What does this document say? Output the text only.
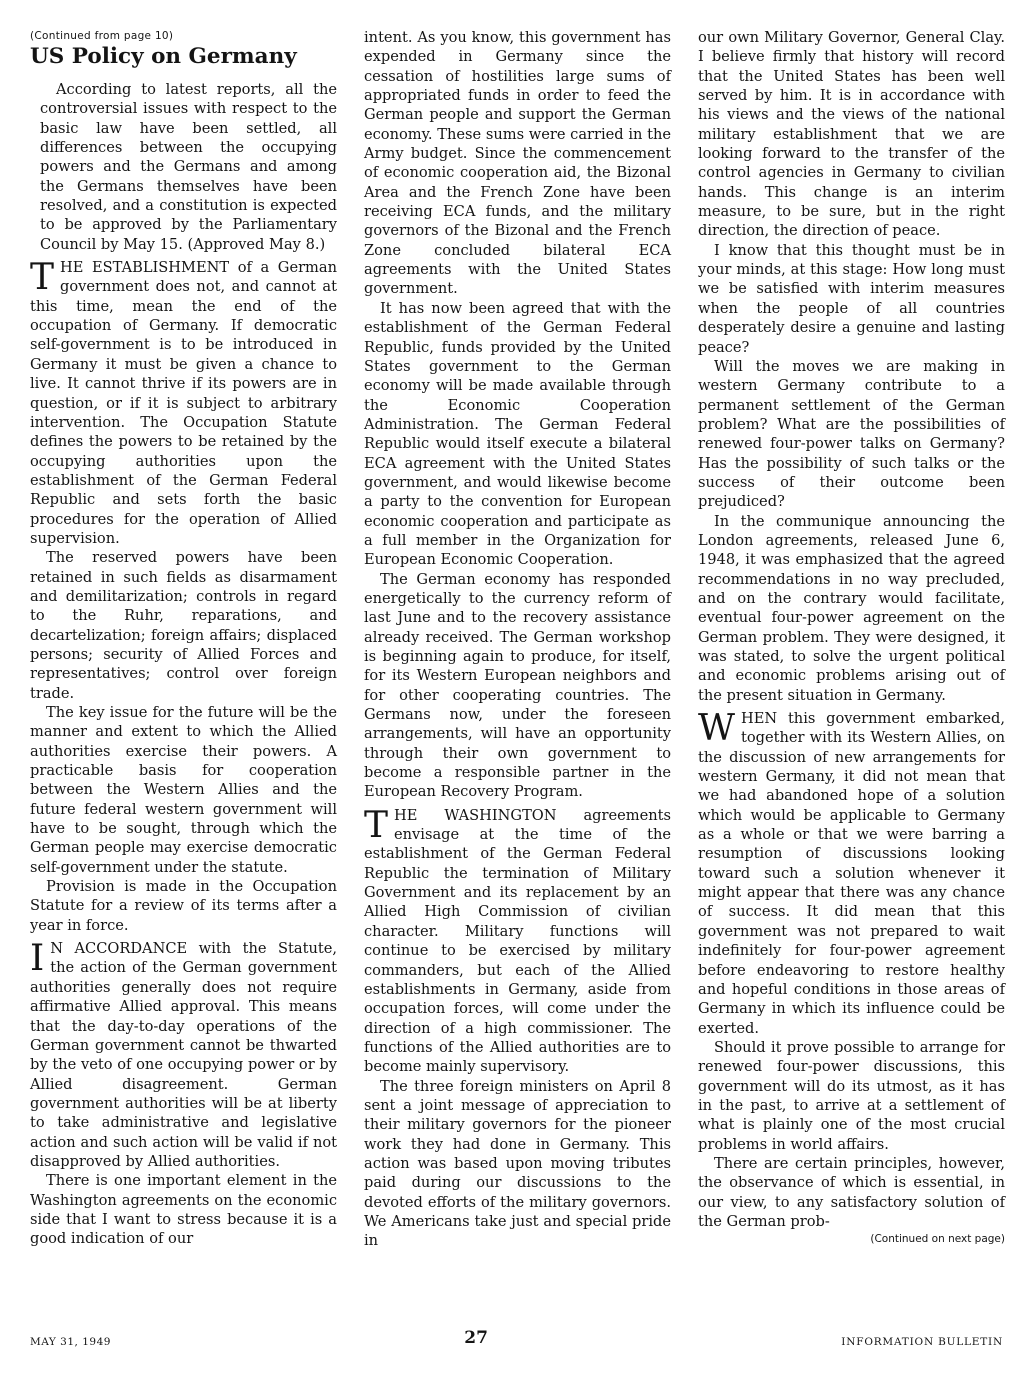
(Continued from page 10)
US Policy on Germany

According to latest reports, all the controversial issues with respect to the basic law have been settled, all differences between the occupying powers and the Germans and among the Germans themselves have been resolved, and a constitution is expected to be approved by the Parliamentary Council by May 15. (Approved May 8.)

THE ESTABLISHMENT of a German government does not, and cannot at this time, mean the end of the occupation of Germany. If democratic self-government is to be introduced in Germany it must be given a chance to live. It cannot thrive if its powers are in question, or if it is subject to arbitrary intervention. The Occupation Statute defines the powers to be retained by the occupying authorities upon the establishment of the German Federal Republic and sets forth the basic procedures for the operation of Allied supervision.

The reserved powers have been retained in such fields as disarmament and demilitarization; controls in regard to the Ruhr, reparations, and decartelization; foreign affairs; displaced persons; security of Allied Forces and representatives; control over foreign trade.

The key issue for the future will be the manner and extent to which the Allied authorities exercise their powers. A practicable basis for cooperation between the Western Allies and the future federal western government will have to be sought, through which the German people may exercise democratic self-government under the statute.

Provision is made in the Occupation Statute for a review of its terms after a year in force.

I N ACCORDANCE with the Statute, the action of the German government authorities generally does not require affirmative Allied approval. This means that the day-to-day operations of the German government cannot be thwarted by the veto of one occupying power or by Allied disagreement. German government authorities will be at liberty to take administrative and legislative action and such action will be valid if not disapproved by Allied authorities.

There is one important element in the Washington agreements on the economic side that I want to stress because it is a good indication of our

intent. As you know, this government has expended in Germany since the cessation of hostilities large sums of appropriated funds in order to feed the German people and support the German economy. These sums were carried in the Army budget. Since the commencement of economic cooperation aid, the Bizonal Area and the French Zone have been receiving ECA funds, and the military governors of the Bizonal and the French Zone concluded bilateral ECA agreements with the United States government.

It has now been agreed that with the establishment of the German Federal Republic, funds provided by the United States government to the German economy will be made available through the Economic Cooperation Administration. The German Federal Republic would itself execute a bilateral ECA agreement with the United States government, and would likewise become a party to the convention for European economic cooperation and participate as a full member in the Organization for European Economic Cooperation.

The German economy has responded energetically to the currency reform of last June and to the recovery assistance already received. The German workshop is beginning again to produce, for itself, for its Western European neighbors and for other cooperating countries. The Germans now, under the foreseen arrangements, will have an opportunity through their own government to become a responsible partner in the European Recovery Program.

THE WASHINGTON agreements envisage at the time of the establishment of the German Federal Republic the termination of Military Government and its replacement by an Allied High Commission of civilian character. Military functions will continue to be exercised by military commanders, but each of the Allied establishments in Germany, aside from occupation forces, will come under the direction of a high commissioner. The functions of the Allied authorities are to become mainly supervisory.

The three foreign ministers on April 8 sent a joint message of appreciation to their military governors for the pioneer work they had done in Germany. This action was based upon moving tributes paid during our discussions to the devoted efforts of the military governors. We Americans take just and special pride in

our own Military Governor, General Clay. I believe firmly that history will record that the United States has been well served by him. It is in accordance with his views and the views of the national military establishment that we are looking forward to the transfer of the control agencies in Germany to civilian hands. This change is an interim measure, to be sure, but in the right direction, the direction of peace.

I know that this thought must be in your minds, at this stage: How long must we be satisfied with interim measures when the people of all countries desperately desire a genuine and lasting peace?

Will the moves we are making in western Germany contribute to a permanent settlement of the German problem? What are the possibilities of renewed four-power talks on Germany? Has the possibility of such talks or the success of their outcome been prejudiced?

In the communique announcing the London agreements, released June 6, 1948, it was emphasized that the agreed recommendations in no way precluded, and on the contrary would facilitate, eventual four-power agreement on the German problem. They were designed, it was stated, to solve the urgent political and economic problems arising out of the present situation in Germany.

WHEN this government embarked, together with its Western Allies, on the discussion of new arrangements for western Germany, it did not mean that we had abandoned hope of a solution which would be applicable to Germany as a whole or that we were barring a resumption of discussions looking toward such a solution whenever it might appear that there was any chance of success. It did mean that this government was not prepared to wait indefinitely for four-power agreement before endeavoring to restore healthy and hopeful conditions in those areas of Germany in which its influence could be exerted.

Should it prove possible to arrange for renewed four-power discussions, this government will do its utmost, as it has in the past, to arrive at a settlement of what is plainly one of the most crucial problems in world affairs.

There are certain principles, however, the observance of which is essential, in our view, to any satisfactory solution of the German prob-

(Continued on next page)
MAY 31, 1949	27	INFORMATION BULLETIN
